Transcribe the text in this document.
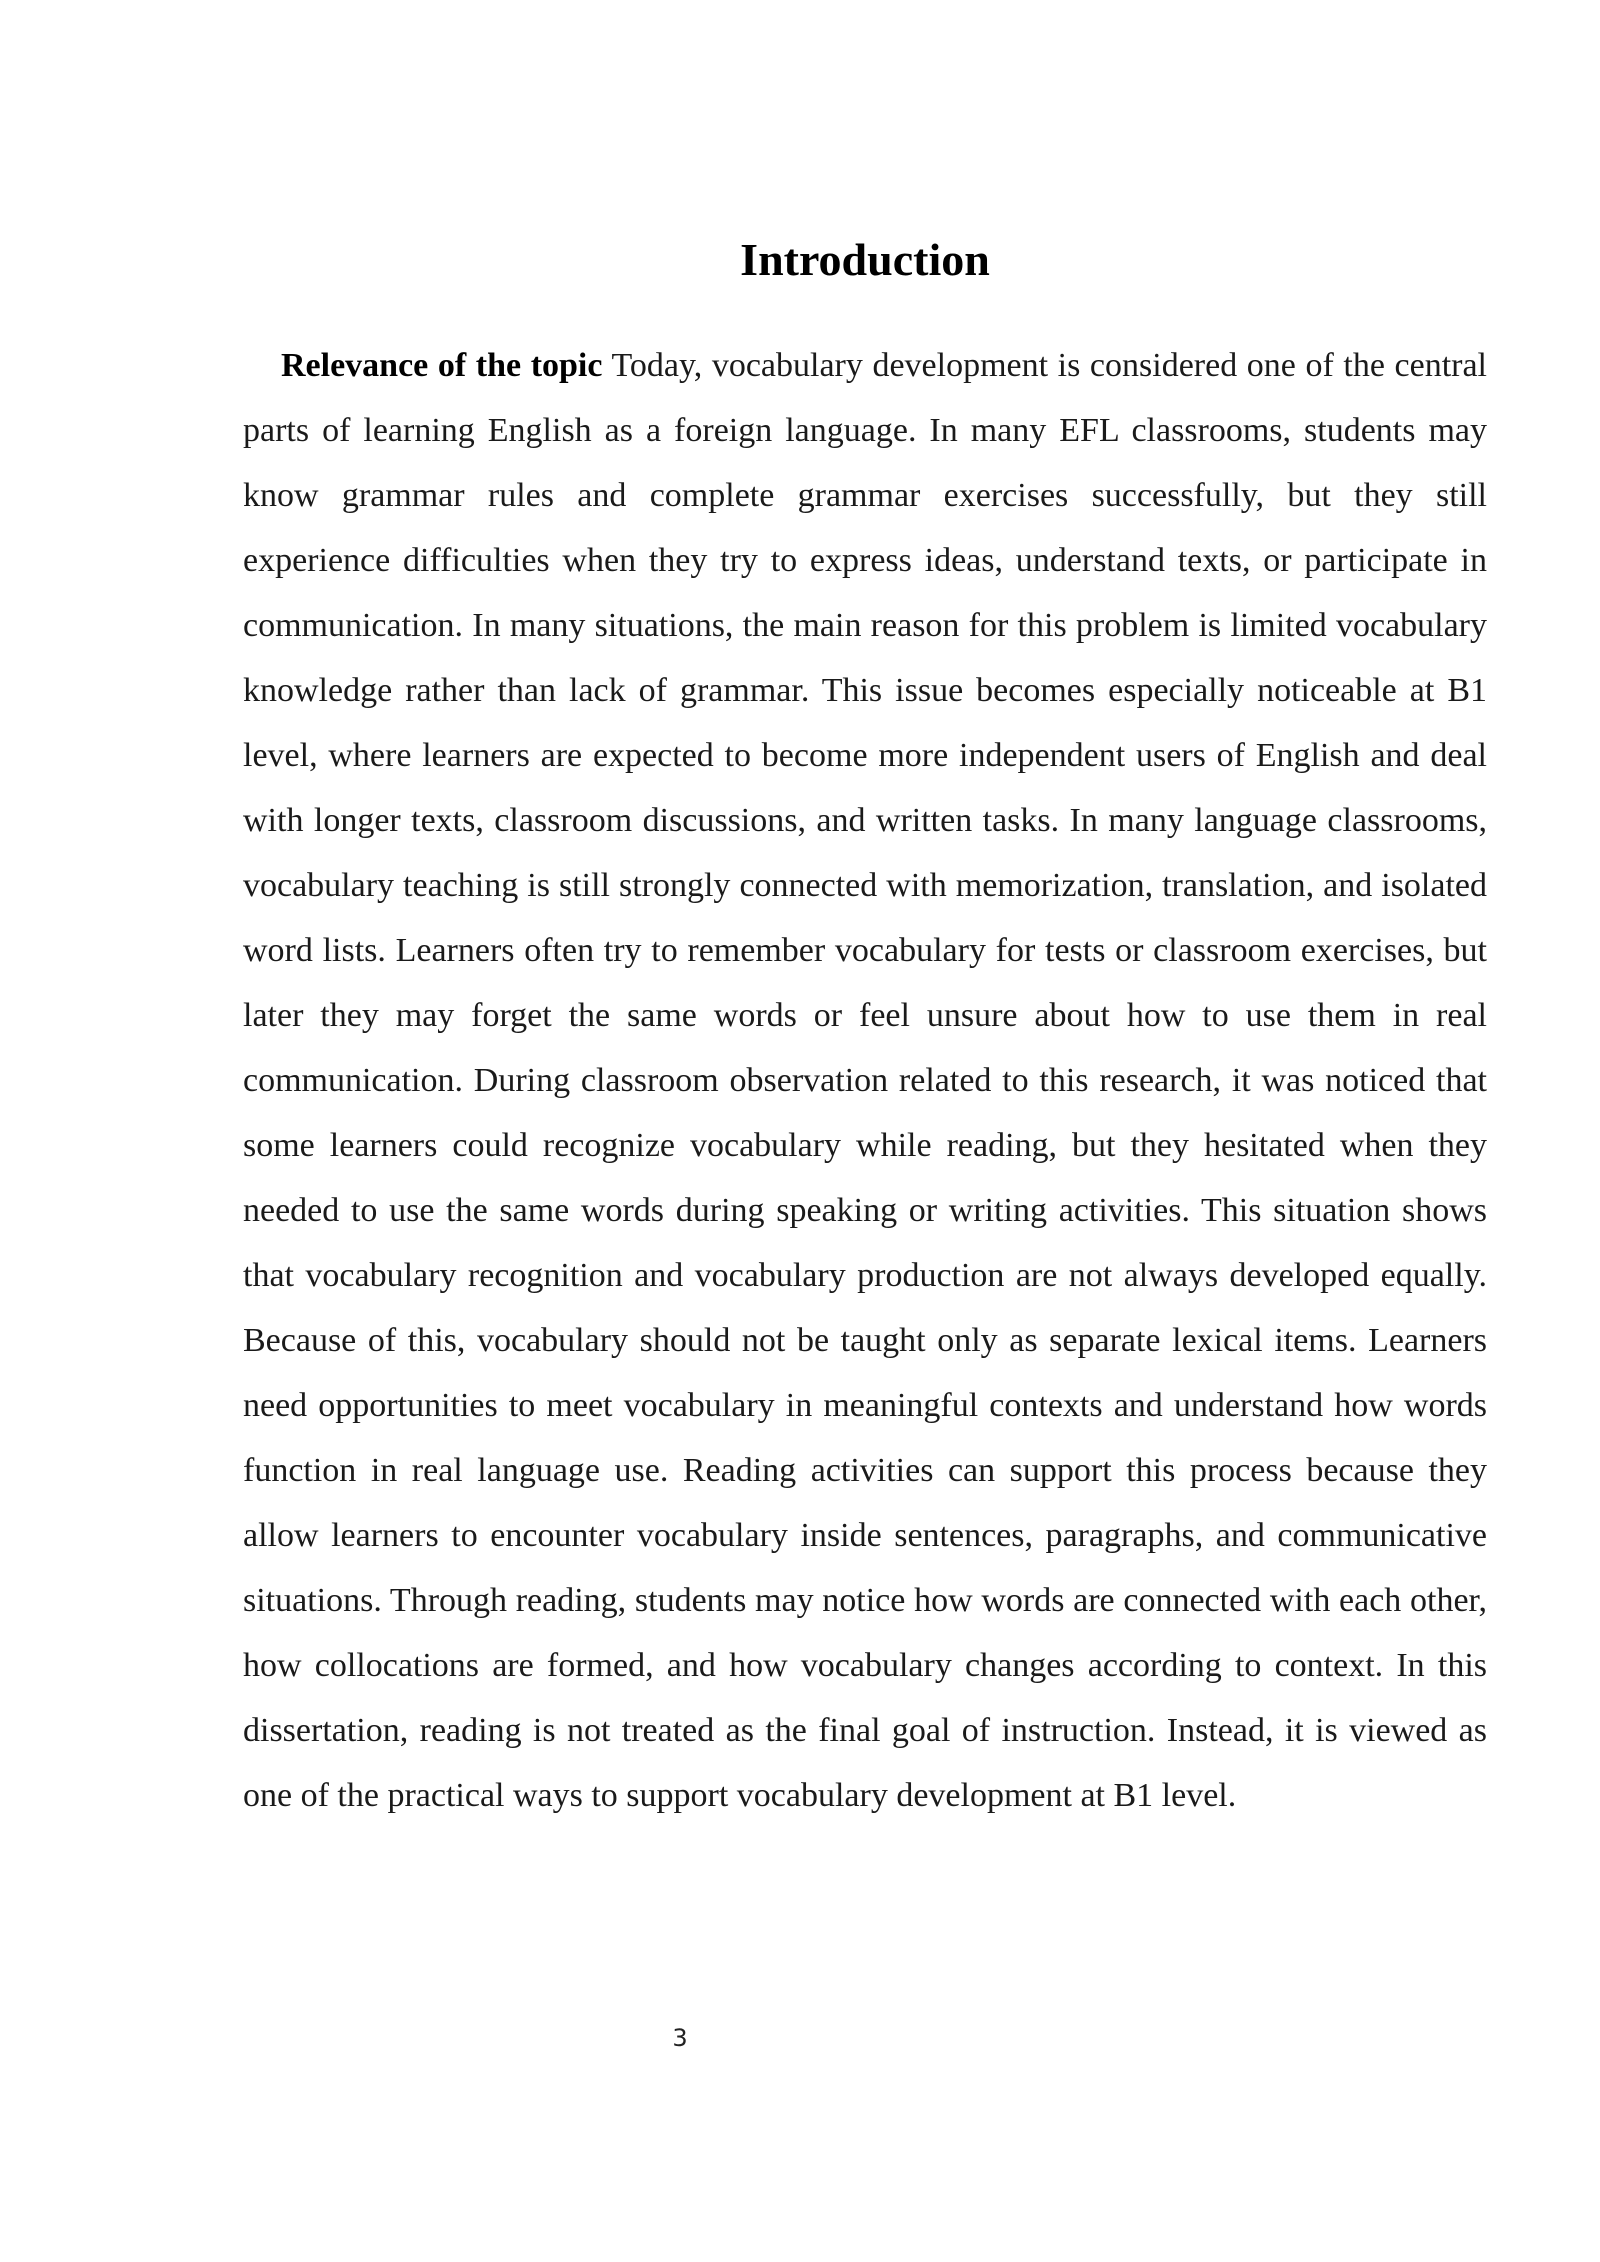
Introduction

Relevance of the topic Today, vocabulary development is considered one of the central parts of learning English as a foreign language. In many EFL classrooms, students may know grammar rules and complete grammar exercises successfully, but they still experience difficulties when they try to express ideas, understand texts, or participate in communication. In many situations, the main reason for this problem is limited vocabulary knowledge rather than lack of grammar. This issue becomes especially noticeable at B1 level, where learners are expected to become more independent users of English and deal with longer texts, classroom discussions, and written tasks. In many language classrooms, vocabulary teaching is still strongly connected with memorization, translation, and isolated word lists. Learners often try to remember vocabulary for tests or classroom exercises, but later they may forget the same words or feel unsure about how to use them in real communication. During classroom observation related to this research, it was noticed that some learners could recognize vocabulary while reading, but they hesitated when they needed to use the same words during speaking or writing activities. This situation shows that vocabulary recognition and vocabulary production are not always developed equally. Because of this, vocabulary should not be taught only as separate lexical items. Learners need opportunities to meet vocabulary in meaningful contexts and understand how words function in real language use. Reading activities can support this process because they allow learners to encounter vocabulary inside sentences, paragraphs, and communicative situations. Through reading, students may notice how words are connected with each other, how collocations are formed, and how vocabulary changes according to context. In this dissertation, reading is not treated as the final goal of instruction. Instead, it is viewed as one of the practical ways to support vocabulary development at B1 level.

3
